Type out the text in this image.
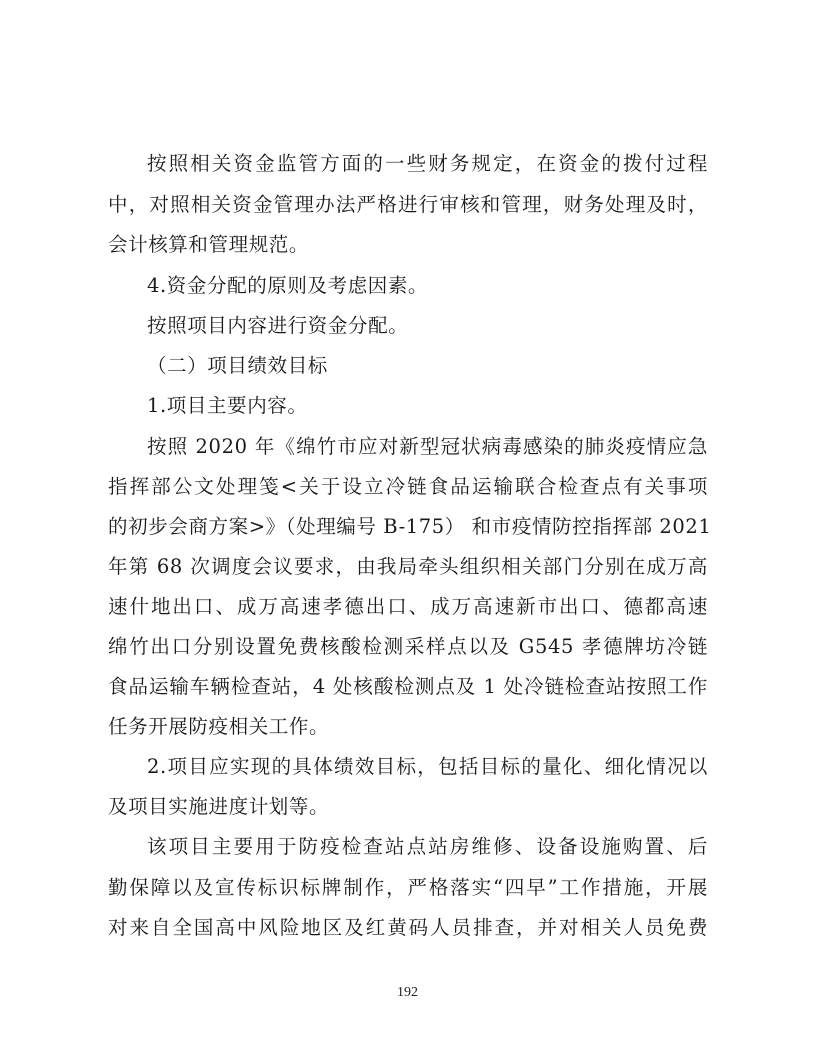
按照相关资金监管方面的一些财务规定，在资金的拨付过程
中，对照相关资金管理办法严格进行审核和管理，财务处理及时，
会计核算和管理规范。
4.资金分配的原则及考虑因素。
按照项目内容进行资金分配。
（二）项目绩效目标
1.项目主要内容。
按照 2020 年《绵竹市应对新型冠状病毒感染的肺炎疫情应急
指挥部公文处理笺<关于设立冷链食品运输联合检查点有关事项
的初步会商方案>》（处理编号 B-175） 和市疫情防控指挥部 2021
年第 68 次调度会议要求，由我局牵头组织相关部门分别在成万高
速什地出口、成万高速孝德出口、成万高速新市出口、德都高速
绵竹出口分别设置免费核酸检测采样点以及 G545 孝德牌坊冷链
食品运输车辆检查站，4 处核酸检测点及 1 处冷链检查站按照工作
任务开展防疫相关工作。
2.项目应实现的具体绩效目标，包括目标的量化、细化情况以
及项目实施进度计划等。
该项目主要用于防疫检查站点站房维修、设备设施购置、后
勤保障以及宣传标识标牌制作，严格落实“四早”工作措施，开展
对来自全国高中风险地区及红黄码人员排查，并对相关人员免费
192
